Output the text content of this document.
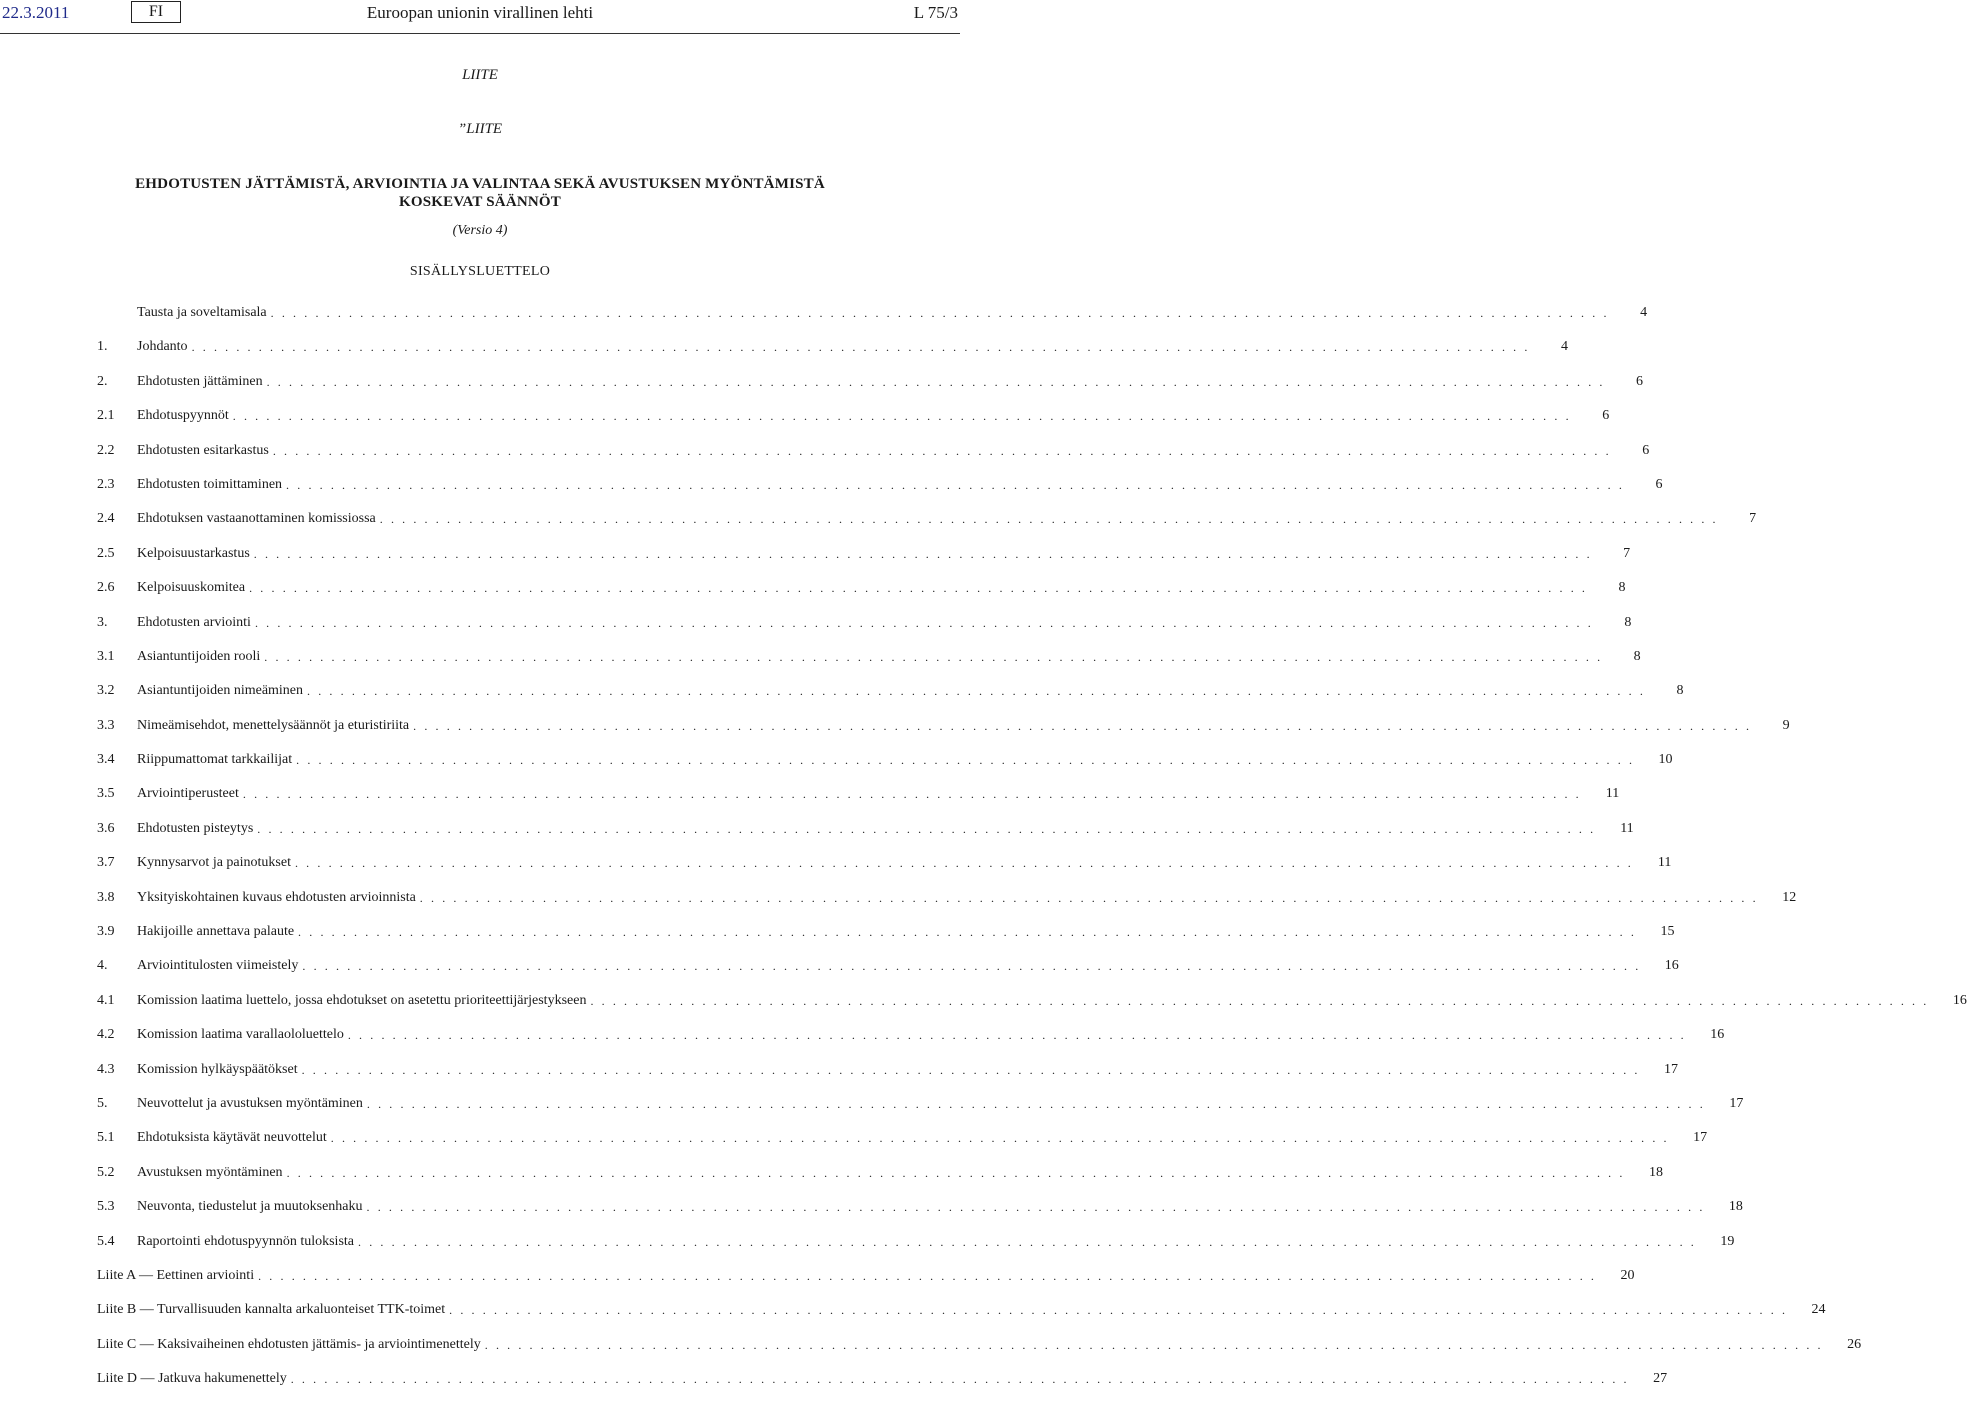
22.3.2011	FI	Euroopan unionin virallinen lehti	L 75/3
LIITE
”LIITE
EHDOTUSTEN JÄTTÄMISTÄ, ARVIOINTIA JA VALINTAA SEKÄ AVUSTUKSEN MYÖNTÄMISTÄ KOSKEVAT SÄÄNNÖT
(Versio 4)
SISÄLLYSLUETTELO
Tausta ja soveltamisala . . . . . . . . . . . . . . . . . . . . . . . . . . . . . . . . . . . . . . . . . . . . . . . . . . . . . . . . . . . . . . . . . . . . . . . . . . . . . . . . . . . . . . . . . . . . . . . . . . . . . . . . . . . . . . . . . . . . . . . .	4
1.	Johdanto . . . . . . . . . . . . . . . . . . . . . . . . . . . . . . . . . . . . . . . . . . . . . . . . . . . . . . . . . . . . . . . . . . . . . . . . . . . . . . . . . . . . . . . . . . . . . . . . . . . . . . . . . . . . . . . . . . . . . . . .	4
2.	Ehdotusten jättäminen . . . . . . . . . . . . . . . . . . . . . . . . . . . . . . . . . . . . . . . . . . . . . . . . . . . . . . . . . . . . . . . . . . . . . . . . . . . . . . . . . . . . . . . . . . . . . . . . . . . . . . . . . . . . . . . . . . . . . . . .	6
2.1	Ehdotuspyynnöt . . . . . . . . . . . . . . . . . . . . . . . . . . . . . . . . . . . . . . . . . . . . . . . . . . . . . . . . . . . . . . . . . . . . . . . . . . . . . . . . . . . . . . . . . . . . . . . . . . . . . . . . . . . . . . . . . . . . . . . .	6
2.2	Ehdotusten esitarkastus . . . . . . . . . . . . . . . . . . . . . . . . . . . . . . . . . . . . . . . . . . . . . . . . . . . . . . . . . . . . . . . . . . . . . . . . . . . . . . . . . . . . . . . . . . . . . . . . . . . . . . . . . . . . . . . . . . . . . . . .	6
2.3	Ehdotusten toimittaminen . . . . . . . . . . . . . . . . . . . . . . . . . . . . . . . . . . . . . . . . . . . . . . . . . . . . . . . . . . . . . . . . . . . . . . . . . . . . . . . . . . . . . . . . . . . . . . . . . . . . . . . . . . . . . . . . . . . . . . . .	6
2.4	Ehdotuksen vastaanottaminen komissiossa . . . . . . . . . . . . . . . . . . . . . . . . . . . . . . . . . . . . . . . . . . . . . . . . . . . . . . . . . . . . . . . . . . . . . . . . . . . . . . . . . . . . . . . . . . . . . . . . . . . . . . . . . . . . . . . . . . . . . . . .	7
2.5	Kelpoisuustarkastus . . . . . . . . . . . . . . . . . . . . . . . . . . . . . . . . . . . . . . . . . . . . . . . . . . . . . . . . . . . . . . . . . . . . . . . . . . . . . . . . . . . . . . . . . . . . . . . . . . . . . . . . . . . . . . . . . . . . . . . .	7
2.6	Kelpoisuuskomitea . . . . . . . . . . . . . . . . . . . . . . . . . . . . . . . . . . . . . . . . . . . . . . . . . . . . . . . . . . . . . . . . . . . . . . . . . . . . . . . . . . . . . . . . . . . . . . . . . . . . . . . . . . . . . . . . . . . . . . . .	8
3.	Ehdotusten arviointi . . . . . . . . . . . . . . . . . . . . . . . . . . . . . . . . . . . . . . . . . . . . . . . . . . . . . . . . . . . . . . . . . . . . . . . . . . . . . . . . . . . . . . . . . . . . . . . . . . . . . . . . . . . . . . . . . . . . . . . .	8
3.1	Asiantuntijoiden rooli . . . . . . . . . . . . . . . . . . . . . . . . . . . . . . . . . . . . . . . . . . . . . . . . . . . . . . . . . . . . . . . . . . . . . . . . . . . . . . . . . . . . . . . . . . . . . . . . . . . . . . . . . . . . . . . . . . . . . . . .	8
3.2	Asiantuntijoiden nimeäminen . . . . . . . . . . . . . . . . . . . . . . . . . . . . . . . . . . . . . . . . . . . . . . . . . . . . . . . . . . . . . . . . . . . . . . . . . . . . . . . . . . . . . . . . . . . . . . . . . . . . . . . . . . . . . . . . . . . . . . . .	8
3.3	Nimeämisehdot, menettelysäännöt ja eturistiriita . . . . . . . . . . . . . . . . . . . . . . . . . . . . . . . . . . . . . . . . . . . . . . . . . . . . . . . . . . . . . . . . . . . . . . . . . . . . . . . . . . . . . . . . . . . . . . . . . . . . . . . . . . . . . . . . . . . . . . . .	9
3.4	Riippumattomat tarkkailijat . . . . . . . . . . . . . . . . . . . . . . . . . . . . . . . . . . . . . . . . . . . . . . . . . . . . . . . . . . . . . . . . . . . . . . . . . . . . . . . . . . . . . . . . . . . . . . . . . . . . . . . . . . . . . . . . . . . . . . . .	10
3.5	Arviointiperusteet . . . . . . . . . . . . . . . . . . . . . . . . . . . . . . . . . . . . . . . . . . . . . . . . . . . . . . . . . . . . . . . . . . . . . . . . . . . . . . . . . . . . . . . . . . . . . . . . . . . . . . . . . . . . . . . . . . . . . . . .	11
3.6	Ehdotusten pisteytys . . . . . . . . . . . . . . . . . . . . . . . . . . . . . . . . . . . . . . . . . . . . . . . . . . . . . . . . . . . . . . . . . . . . . . . . . . . . . . . . . . . . . . . . . . . . . . . . . . . . . . . . . . . . . . . . . . . . . . . .	11
3.7	Kynnysarvot ja painotukset . . . . . . . . . . . . . . . . . . . . . . . . . . . . . . . . . . . . . . . . . . . . . . . . . . . . . . . . . . . . . . . . . . . . . . . . . . . . . . . . . . . . . . . . . . . . . . . . . . . . . . . . . . . . . . . . . . . . . . . .	11
3.8	Yksityiskohtainen kuvaus ehdotusten arvioinnista . . . . . . . . . . . . . . . . . . . . . . . . . . . . . . . . . . . . . . . . . . . . . . . . . . . . . . . . . . . . . . . . . . . . . . . . . . . . . . . . . . . . . . . . . . . . . . . . . . . . . . . . . . . . . . . . . . . . . . . .	12
3.9	Hakijoille annettava palaute . . . . . . . . . . . . . . . . . . . . . . . . . . . . . . . . . . . . . . . . . . . . . . . . . . . . . . . . . . . . . . . . . . . . . . . . . . . . . . . . . . . . . . . . . . . . . . . . . . . . . . . . . . . . . . . . . . . . . . . .	15
4.	Arviointitulosten viimeistely . . . . . . . . . . . . . . . . . . . . . . . . . . . . . . . . . . . . . . . . . . . . . . . . . . . . . . . . . . . . . . . . . . . . . . . . . . . . . . . . . . . . . . . . . . . . . . . . . . . . . . . . . . . . . . . . . . . . . . . .	16
4.1	Komission laatima luettelo, jossa ehdotukset on asetettu prioriteettijärjestykseen . . . . . . . . . . . . . . . . . . . . . . . . . . . . . . . . . . . . . . . . . . . . . . . . . . . . . . . . . . . . . . . . . . . . . . . . . . . . . . . . . . . . . . . . . . . . . . . . . . . . . . . . . . . . . . . . . . . . . . . .	16
4.2	Komission laatima varallaololuettelo . . . . . . . . . . . . . . . . . . . . . . . . . . . . . . . . . . . . . . . . . . . . . . . . . . . . . . . . . . . . . . . . . . . . . . . . . . . . . . . . . . . . . . . . . . . . . . . . . . . . . . . . . . . . . . . . . . . . . . . .	16
4.3	Komission hylkäyspäätökset . . . . . . . . . . . . . . . . . . . . . . . . . . . . . . . . . . . . . . . . . . . . . . . . . . . . . . . . . . . . . . . . . . . . . . . . . . . . . . . . . . . . . . . . . . . . . . . . . . . . . . . . . . . . . . . . . . . . . . . .	17
5.	Neuvottelut ja avustuksen myöntäminen . . . . . . . . . . . . . . . . . . . . . . . . . . . . . . . . . . . . . . . . . . . . . . . . . . . . . . . . . . . . . . . . . . . . . . . . . . . . . . . . . . . . . . . . . . . . . . . . . . . . . . . . . . . . . . . . . . . . . . . .	17
5.1	Ehdotuksista käytävät neuvottelut . . . . . . . . . . . . . . . . . . . . . . . . . . . . . . . . . . . . . . . . . . . . . . . . . . . . . . . . . . . . . . . . . . . . . . . . . . . . . . . . . . . . . . . . . . . . . . . . . . . . . . . . . . . . . . . . . . . . . . . .	17
5.2	Avustuksen myöntäminen . . . . . . . . . . . . . . . . . . . . . . . . . . . . . . . . . . . . . . . . . . . . . . . . . . . . . . . . . . . . . . . . . . . . . . . . . . . . . . . . . . . . . . . . . . . . . . . . . . . . . . . . . . . . . . . . . . . . . . . .	18
5.3	Neuvonta, tiedustelut ja muutoksenhaku . . . . . . . . . . . . . . . . . . . . . . . . . . . . . . . . . . . . . . . . . . . . . . . . . . . . . . . . . . . . . . . . . . . . . . . . . . . . . . . . . . . . . . . . . . . . . . . . . . . . . . . . . . . . . . . . . . . . . . . .	18
5.4	Raportointi ehdotuspyynnön tuloksista . . . . . . . . . . . . . . . . . . . . . . . . . . . . . . . . . . . . . . . . . . . . . . . . . . . . . . . . . . . . . . . . . . . . . . . . . . . . . . . . . . . . . . . . . . . . . . . . . . . . . . . . . . . . . . . . . . . . . . . .	19
Liite A — Eettinen arviointi . . . . . . . . . . . . . . . . . . . . . . . . . . . . . . . . . . . . . . . . . . . . . . . . . . . . . . . . . . . . . . . . . . . . . . . . . . . . . . . . . . . . . . . . . . . . . . . . . . . . . . . . . . . . . . . . . . . . . . . .	20
Liite B — Turvallisuuden kannalta arkaluonteiset TTK-toimet . . . . . . . . . . . . . . . . . . . . . . . . . . . . . . . . . . . . . . . . . . . . . . . . . . . . . . . . . . . . . . . . . . . . . . . . . . . . . . . . . . . . . . . . . . . . . . . . . . . . . . . . . . . . . . . . . . . . . . . .	24
Liite C — Kaksivaiheinen ehdotusten jättämis- ja arviointimenettely . . . . . . . . . . . . . . . . . . . . . . . . . . . . . . . . . . . . . . . . . . . . . . . . . . . . . . . . . . . . . . . . . . . . . . . . . . . . . . . . . . . . . . . . . . . . . . . . . . . . . . . . . . . . . . . . . . . . . . . .	26
Liite D — Jatkuva hakumenettely . . . . . . . . . . . . . . . . . . . . . . . . . . . . . . . . . . . . . . . . . . . . . . . . . . . . . . . . . . . . . . . . . . . . . . . . . . . . . . . . . . . . . . . . . . . . . . . . . . . . . . . . . . . . . . . . . . . . . . . .	27
